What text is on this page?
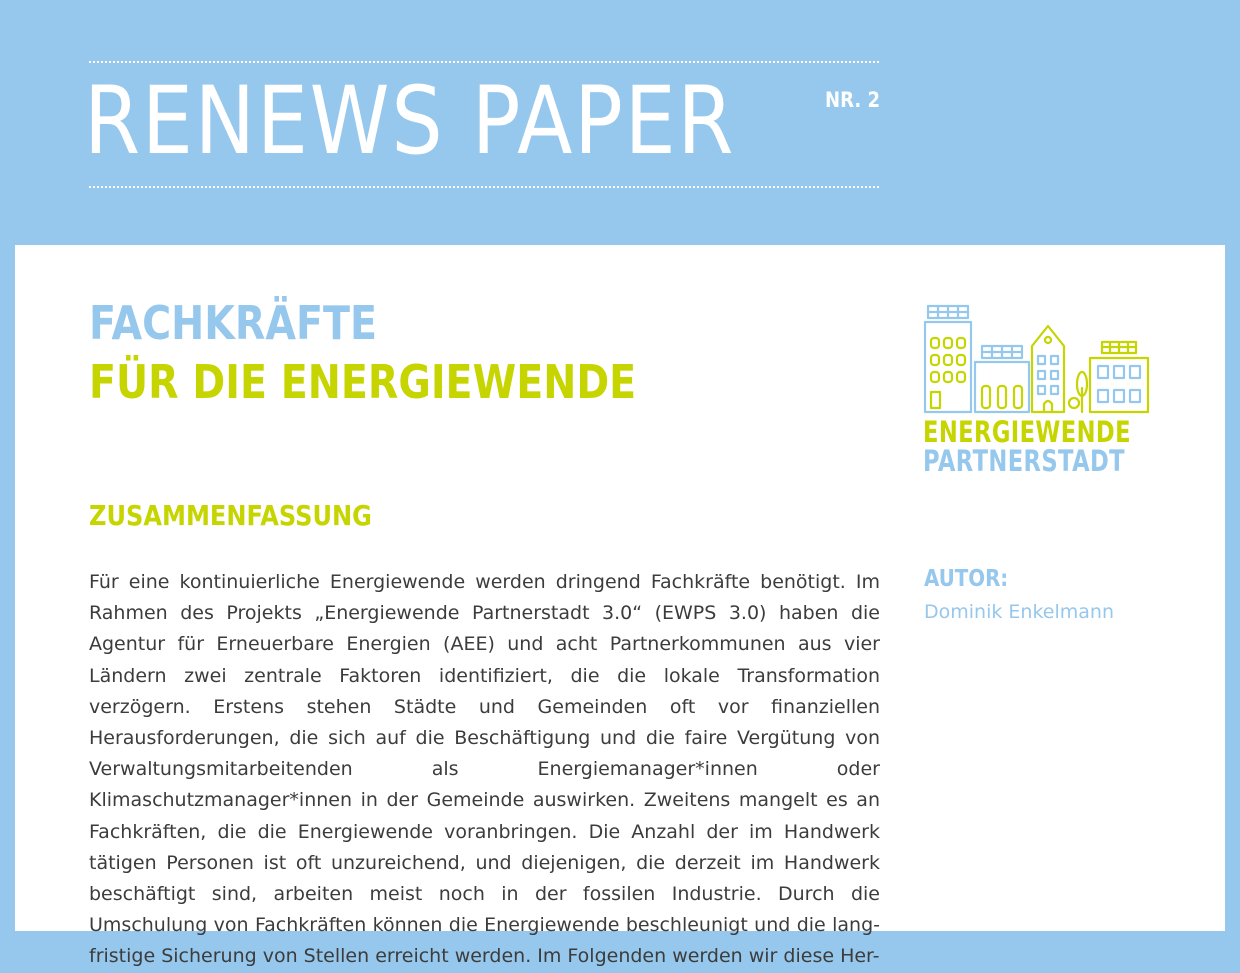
RENEWS PAPER	NR. 2
FACHKRÄFTE
FÜR DIE ENERGIEWENDE
ZUSAMMENFASSUNG

Für eine kontinuierliche Energiewende werden dringend Fachkräfte benötigt. Im Rahmen des Projekts „Energiewende Partnerstadt 3.0“ (EWPS 3.0) haben die Agentur für Erneuerbare Energien (AEE) und acht Partnerkommunen aus vier Ländern zwei zentrale Faktoren identifiziert, die die lokale Transformation verzögern. Erstens stehen Städte und Gemeinden oft vor finanziellen Herausforderungen, die sich auf die Beschäftigung und die faire Vergütung von Verwaltungsmitarbeitenden als Energiemanager*innen oder Klimaschutzmanager*innen in der Gemeinde auswirken. Zweitens mangelt es an Fachkräften, die die Energiewende voranbringen. Die Anzahl der im Handwerk tätigen Personen ist oft unzureichend, und diejenigen, die derzeit im Handwerk beschäftigt sind, arbeiten meist noch in der fossilen Industrie. Durch die Umschulung von Fachkräften können die Energiewende beschleunigt und die langfristige Sicherung von Stellen erreicht werden. Im Folgenden werden wir diese Her-

ENERGIEWENDE
PARTNERSTADT
AUTOR:
Dominik Enkelmann
